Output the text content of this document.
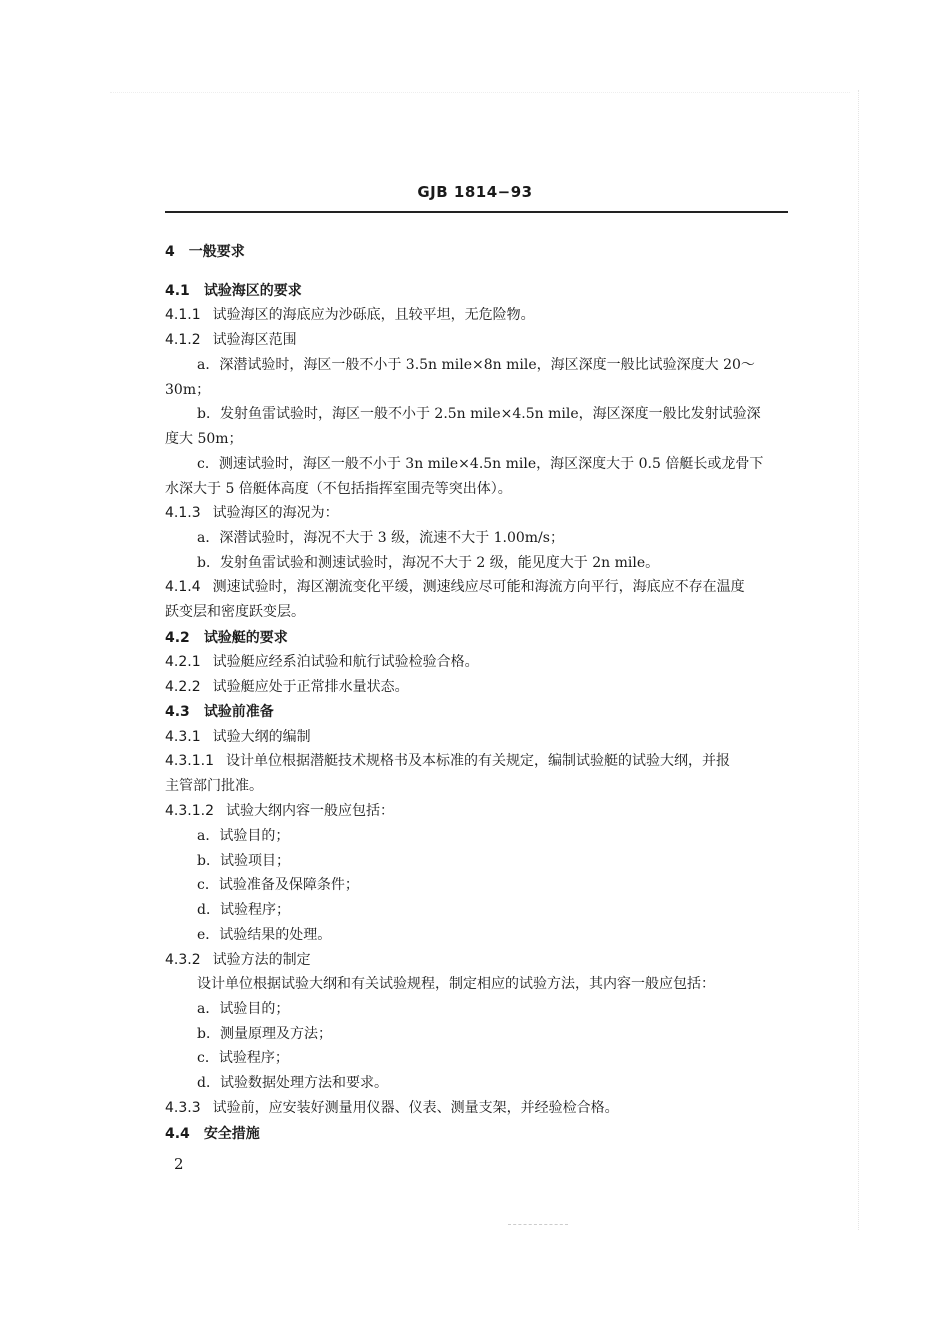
GJB 1814−93
4 一般要求
4.1 试验海区的要求
4.1.1 试验海区的海底应为沙砾底，且较平坦，无危险物。
4.1.2 试验海区范围
a．深潜试验时，海区一般不小于 3.5n mile×8n mile，海区深度一般比试验深度大 20～
30m；
b．发射鱼雷试验时，海区一般不小于 2.5n mile×4.5n mile，海区深度一般比发射试验深
度大 50m；
c．测速试验时，海区一般不小于 3n mile×4.5n mile，海区深度大于 0.5 倍艇长或龙骨下
水深大于 5 倍艇体高度（不包括指挥室围壳等突出体）。
4.1.3 试验海区的海况为：
a．深潜试验时，海况不大于 3 级，流速不大于 1.00m/s；
b．发射鱼雷试验和测速试验时，海况不大于 2 级，能见度大于 2n mile。
4.1.4 测速试验时，海区潮流变化平缓，测速线应尽可能和海流方向平行，海底应不存在温度
跃变层和密度跃变层。
4.2 试验艇的要求
4.2.1 试验艇应经系泊试验和航行试验检验合格。
4.2.2 试验艇应处于正常排水量状态。
4.3 试验前准备
4.3.1 试验大纲的编制
4.3.1.1 设计单位根据潜艇技术规格书及本标准的有关规定，编制试验艇的试验大纲，并报
主管部门批准。
4.3.1.2 试验大纲内容一般应包括：
a．试验目的；
b．试验项目；
c．试验准备及保障条件；
d．试验程序；
e．试验结果的处理。
4.3.2 试验方法的制定
设计单位根据试验大纲和有关试验规程，制定相应的试验方法，其内容一般应包括：
a．试验目的；
b．测量原理及方法；
c．试验程序；
d．试验数据处理方法和要求。
4.3.3 试验前，应安装好测量用仪器、仪表、测量支架，并经验检合格。
4.4 安全措施
2
